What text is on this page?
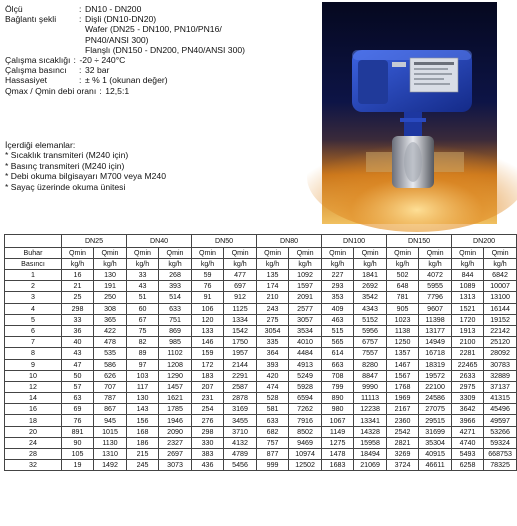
Ölçü	: DN10 - DN200
Bağlantı şekli	: Dişli (DN10-DN20)
Wafer (DN25 - DN100, PN10/PN16/
PN40/ANSI 300)
Flanşlı (DN150 - DN200, PN40/ANSI 300)
Çalışma sıcaklığı : -20 ÷ 240°C
Çalışma basıncı	: 32 bar
Hassasiyet	: ± % 1 (okunan değer)
Qmax / Qmin debi oranı : 12,5:1
İçerdiği elemanlar:
* Sıcaklık transmiteri (M240 için)
* Basınç transmiteri (M240 için)
* Debi okuma bilgisayarı M700 veya M240
* Sayaç üzerinde okuma ünitesi
	DN25		DN40		DN50		DN80		DN100		DN150		DN200	
Buhar	Qmin	Qmin	Qmin	Qmin	Qmin	Qmin	Qmin	Qmin	Qmin	Qmin	Qmin	Qmin	Qmin	Qmin
Basıncı	kg/h	kg/h	kg/h	kg/h	kg/h	kg/h	kg/h	kg/h	kg/h	kg/h	kg/h	kg/h	kg/h	kg/h
1	16	130	33	268	59	477	135	1092	227	1841	502	4072	844	6842
2	21	191	43	393	76	697	174	1597	293	2692	648	5955	1089	10007
3	25	250	51	514	91	912	210	2091	353	3542	781	7796	1313	13100
4	298	308	60	633	106	1125	243	2577	409	4343	905	9607	1521	16144
5	33	365	67	751	120	1334	275	3057	463	5152	1023	11398	1720	19152
6	36	422	75	869	133	1542	3054	3534	515	5956	1138	13177	1913	22142
7	40	478	82	985	146	1750	335	4010	565	6757	1250	14949	2100	25120
8	43	535	89	1102	159	1957	364	4484	614	7557	1357	16718	2281	28092
9	47	586	97	1208	172	2144	393	4913	663	8280	1467	18319	22465	30783
10	50	626	103	1290	183	2291	420	5249	708	8847	1567	19572	2633	32889
12	57	707	117	1457	207	2587	474	5928	799	9990	1768	22100	2975	37137
14	63	787	130	1621	231	2878	528	6594	890	11113	1969	24586	3309	41315
16	69	867	143	1785	254	3169	581	7262	980	12238	2167	27075	3642	45496
18	76	945	156	1946	276	3455	633	7916	1067	13341	2360	29515	3966	49597
20	891	1015	168	2090	298	3710	682	8502	1149	14328	2542	31699	4271	53266
24	90	1130	186	2327	330	4132	757	9469	1275	15958	2821	35304	4740	59324
28	105	1310	215	2697	383	4789	877	10974	1478	18494	3269	40915	5493	668753
32	19	1492	245	3073	436	5456	999	12502	1683	21069	3724	46611	6258	78325
